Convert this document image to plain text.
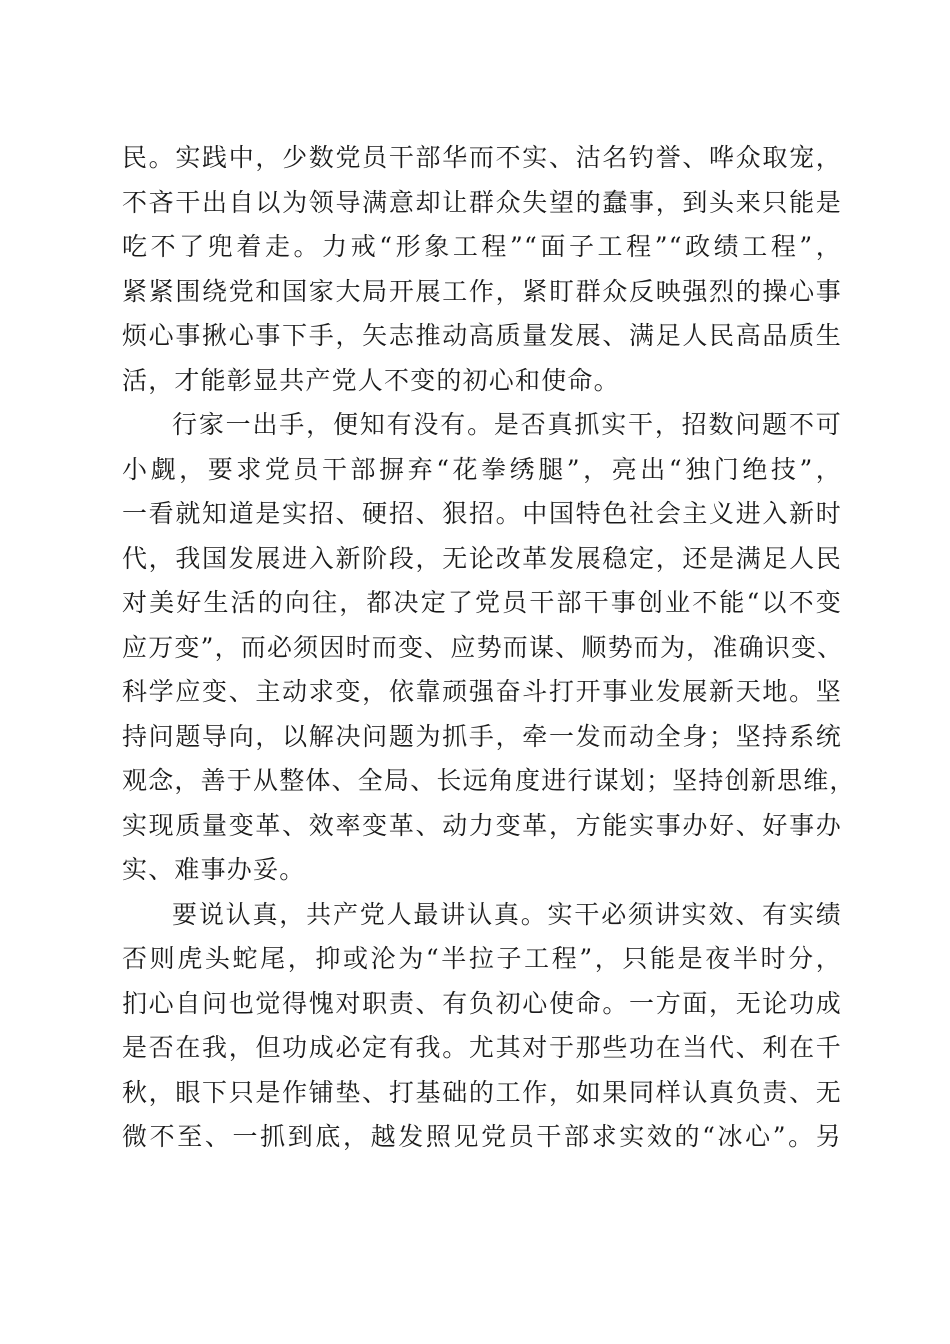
民。实践中，少数党员干部华而不实、沽名钓誉、哗众取宠，
不吝干出自以为领导满意却让群众失望的蠢事，到头来只能是
吃不了兜着走。力戒“形象工程”“面子工程”“政绩工程”，
紧紧围绕党和国家大局开展工作，紧盯群众反映强烈的操心事
烦心事揪心事下手，矢志推动高质量发展、满足人民高品质生
活，才能彰显共产党人不变的初心和使命。
行家一出手，便知有没有。是否真抓实干，招数问题不可
小觑，要求党员干部摒弃“花拳绣腿”，亮出“独门绝技”，
一看就知道是实招、硬招、狠招。中国特色社会主义进入新时
代，我国发展进入新阶段，无论改革发展稳定，还是满足人民
对美好生活的向往，都决定了党员干部干事创业不能“以不变
应万变”，而必须因时而变、应势而谋、顺势而为，准确识变、
科学应变、主动求变，依靠顽强奋斗打开事业发展新天地。坚
持问题导向，以解决问题为抓手，牵一发而动全身；坚持系统
观念，善于从整体、全局、长远角度进行谋划；坚持创新思维，
实现质量变革、效率变革、动力变革，方能实事办好、好事办
实、难事办妥。
要说认真，共产党人最讲认真。实干必须讲实效、有实绩
否则虎头蛇尾，抑或沦为“半拉子工程”，只能是夜半时分，
扪心自问也觉得愧对职责、有负初心使命。一方面，无论功成
是否在我，但功成必定有我。尤其对于那些功在当代、利在千
秋，眼下只是作铺垫、打基础的工作，如果同样认真负责、无
微不至、一抓到底，越发照见党员干部求实效的“冰心”。另
